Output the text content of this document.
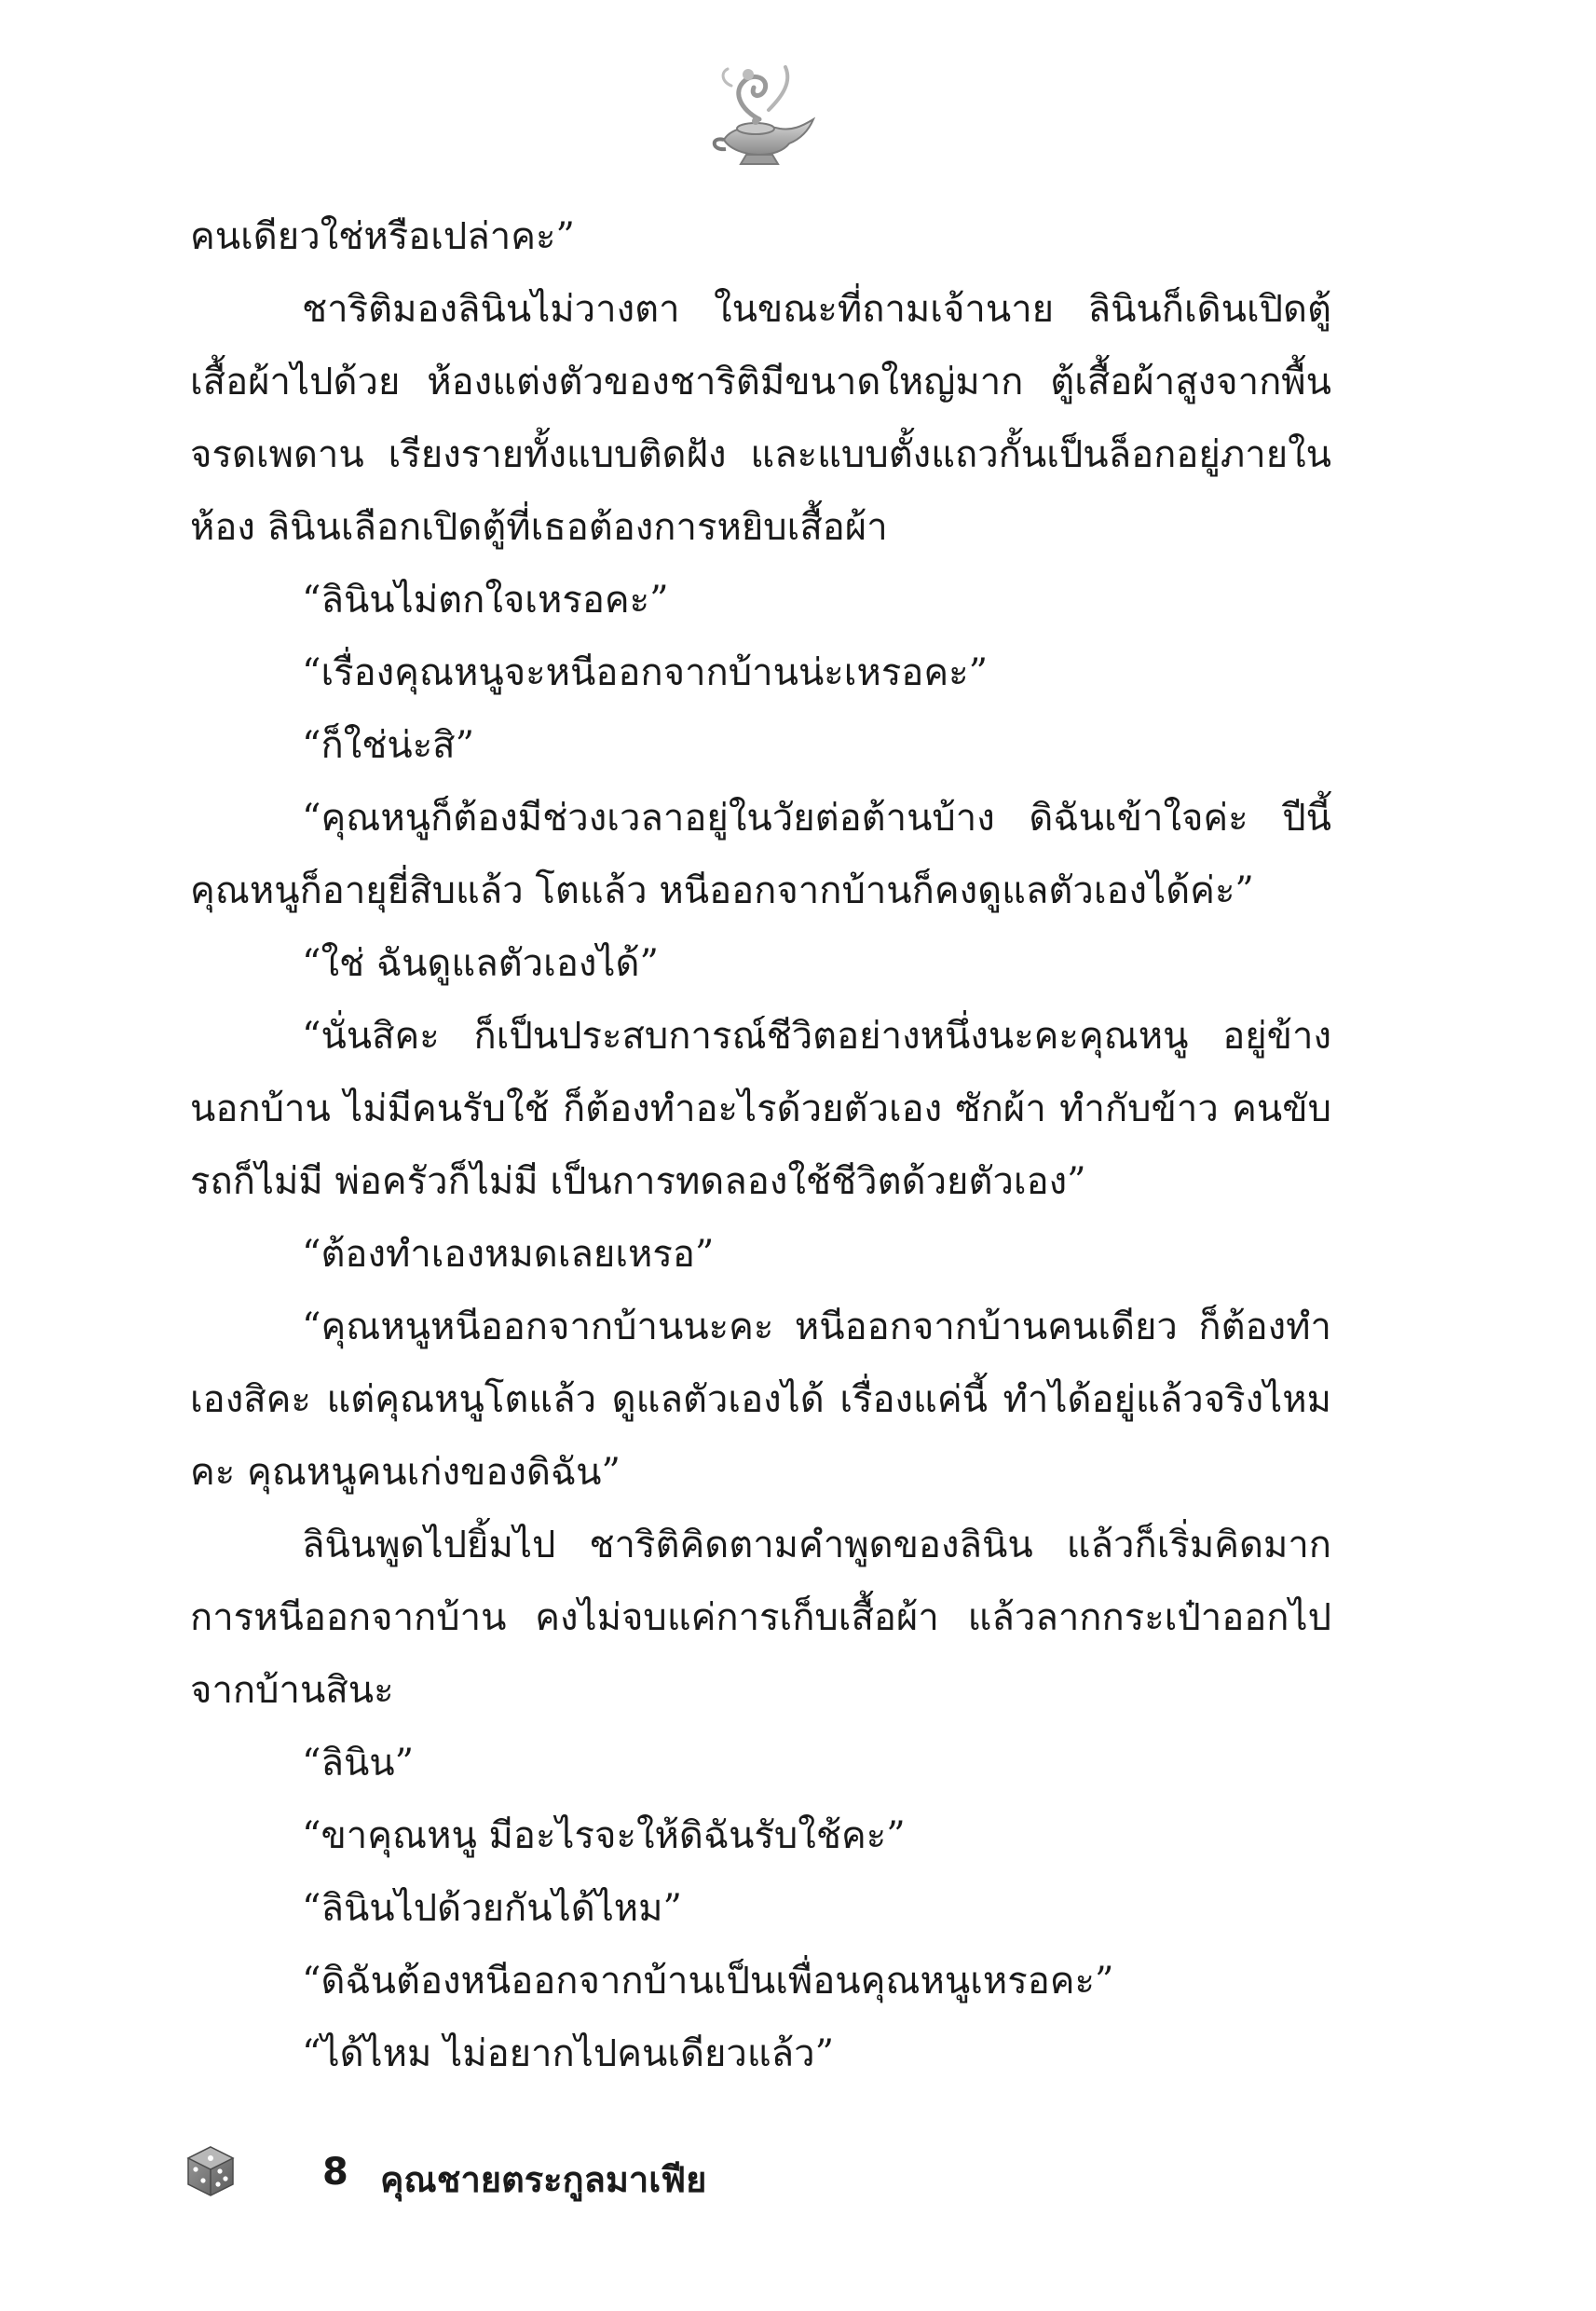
คนเดียวใช่หรือเปล่าคะ”

ชาริติมองลินินไม่วางตา ในขณะที่ถามเจ้านาย ลินินก็เดินเปิดตู้เสื้อผ้าไปด้วย ห้องแต่งตัวของชาริติมีขนาดใหญ่มาก ตู้เสื้อผ้าสูงจากพื้นจรดเพดาน เรียงรายทั้งแบบติดฝัง และแบบตั้งแถวกั้นเป็นล็อกอยู่ภายในห้อง ลินินเลือกเปิดตู้ที่เธอต้องการหยิบเสื้อผ้า

“ลินินไม่ตกใจเหรอคะ”

“เรื่องคุณหนูจะหนีออกจากบ้านน่ะเหรอคะ”

“ก็ใช่น่ะสิ”

“คุณหนูก็ต้องมีช่วงเวลาอยู่ในวัยต่อต้านบ้าง ดิฉันเข้าใจค่ะ ปีนี้คุณหนูก็อายุยี่สิบแล้ว โตแล้ว หนีออกจากบ้านก็คงดูแลตัวเองได้ค่ะ”

“ใช่ ฉันดูแลตัวเองได้”

“นั่นสิคะ ก็เป็นประสบการณ์ชีวิตอย่างหนึ่งนะคะคุณหนู อยู่ข้างนอกบ้าน ไม่มีคนรับใช้ ก็ต้องทำอะไรด้วยตัวเอง ซักผ้า ทำกับข้าว คนขับรถก็ไม่มี พ่อครัวก็ไม่มี เป็นการทดลองใช้ชีวิตด้วยตัวเอง”

“ต้องทำเองหมดเลยเหรอ”

“คุณหนูหนีออกจากบ้านนะคะ หนีออกจากบ้านคนเดียว ก็ต้องทำเองสิคะ แต่คุณหนูโตแล้ว ดูแลตัวเองได้ เรื่องแค่นี้ ทำได้อยู่แล้วจริงไหมคะ คุณหนูคนเก่งของดิฉัน”

ลินินพูดไปยิ้มไป ชาริติคิดตามคำพูดของลินิน แล้วก็เริ่มคิดมากการหนีออกจากบ้าน คงไม่จบแค่การเก็บเสื้อผ้า แล้วลากกระเป๋าออกไปจากบ้านสินะ

“ลินิน”

“ขาคุณหนู มีอะไรจะให้ดิฉันรับใช้คะ”

“ลินินไปด้วยกันได้ไหม”

“ดิฉันต้องหนีออกจากบ้านเป็นเพื่อนคุณหนูเหรอคะ”

“ได้ไหม ไม่อยากไปคนเดียวแล้ว”

8 คุณชายตระกูลมาเฟีย
